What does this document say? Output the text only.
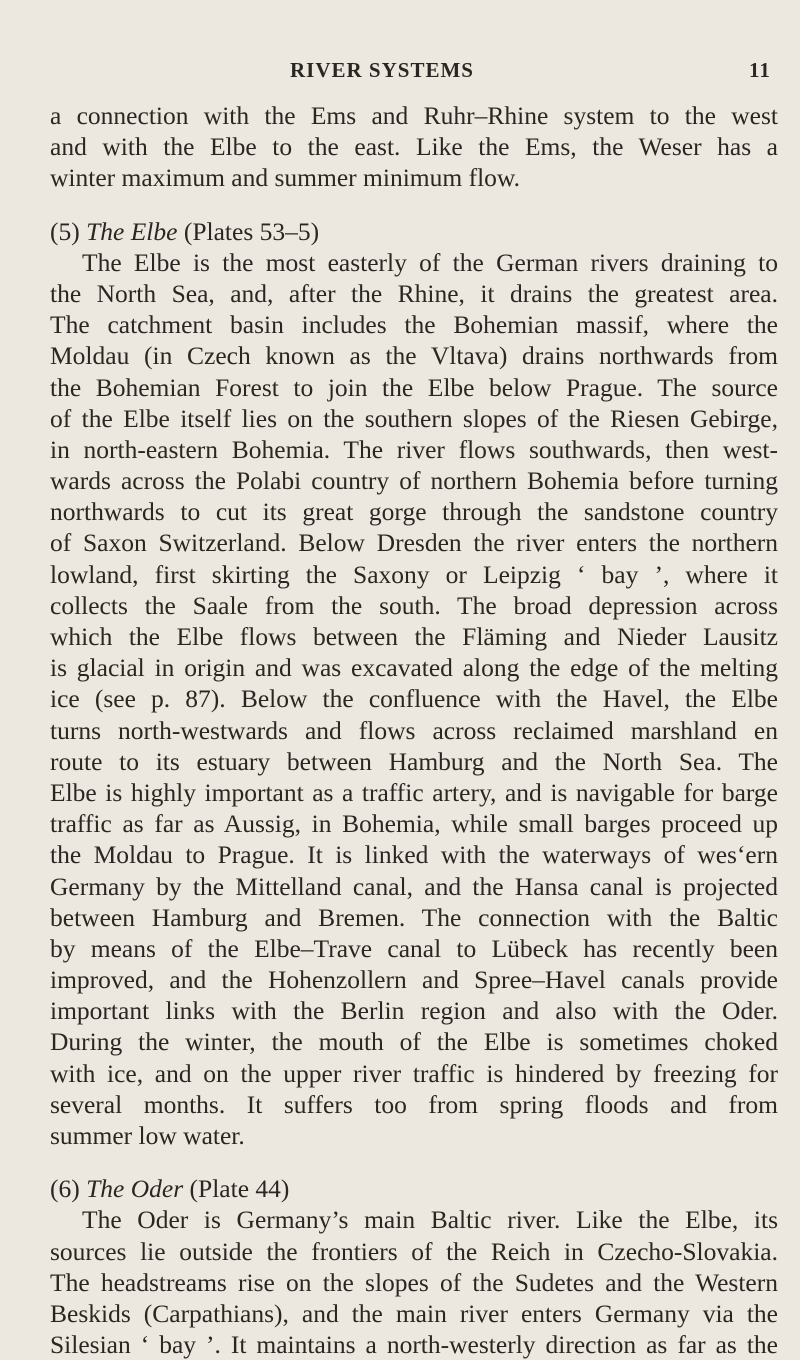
RIVER SYSTEMS	11
a connection with the Ems and Ruhr–Rhine system to the west
and with the Elbe to the east. Like the Ems, the Weser has a
winter maximum and summer minimum flow.
(5) The Elbe (Plates 53–5)
The Elbe is the most easterly of the German rivers draining to
the North Sea, and, after the Rhine, it drains the greatest area.
The catchment basin includes the Bohemian massif, where the
Moldau (in Czech known as the Vltava) drains northwards from
the Bohemian Forest to join the Elbe below Prague. The source
of the Elbe itself lies on the southern slopes of the Riesen Gebirge,
in north-eastern Bohemia. The river flows southwards, then west-
wards across the Polabi country of northern Bohemia before turning
northwards to cut its great gorge through the sandstone country
of Saxon Switzerland. Below Dresden the river enters the northern
lowland, first skirting the Saxony or Leipzig ‘ bay ’, where it
collects the Saale from the south. The broad depression across
which the Elbe flows between the Fläming and Nieder Lausitz
is glacial in origin and was excavated along the edge of the melting
ice (see p. 87). Below the confluence with the Havel, the Elbe
turns north-westwards and flows across reclaimed marshland en
route to its estuary between Hamburg and the North Sea. The
Elbe is highly important as a traffic artery, and is navigable for barge
traffic as far as Aussig, in Bohemia, while small barges proceed up
the Moldau to Prague. It is linked with the waterways of wes‘ern
Germany by the Mittelland canal, and the Hansa canal is projected
between Hamburg and Bremen. The connection with the Baltic
by means of the Elbe–Trave canal to Lübeck has recently been
improved, and the Hohenzollern and Spree–Havel canals provide
important links with the Berlin region and also with the Oder.
During the winter, the mouth of the Elbe is sometimes choked
with ice, and on the upper river traffic is hindered by freezing for
several months. It suffers too from spring floods and from
summer low water.
(6) The Oder (Plate 44)
The Oder is Germany’s main Baltic river. Like the Elbe, its
sources lie outside the frontiers of the Reich in Czecho-Slovakia.
The headstreams rise on the slopes of the Sudetes and the Western
Beskids (Carpathians), and the main river enters Germany via the
Silesian ‘ bay ’. It maintains a north-westerly direction as far as the
